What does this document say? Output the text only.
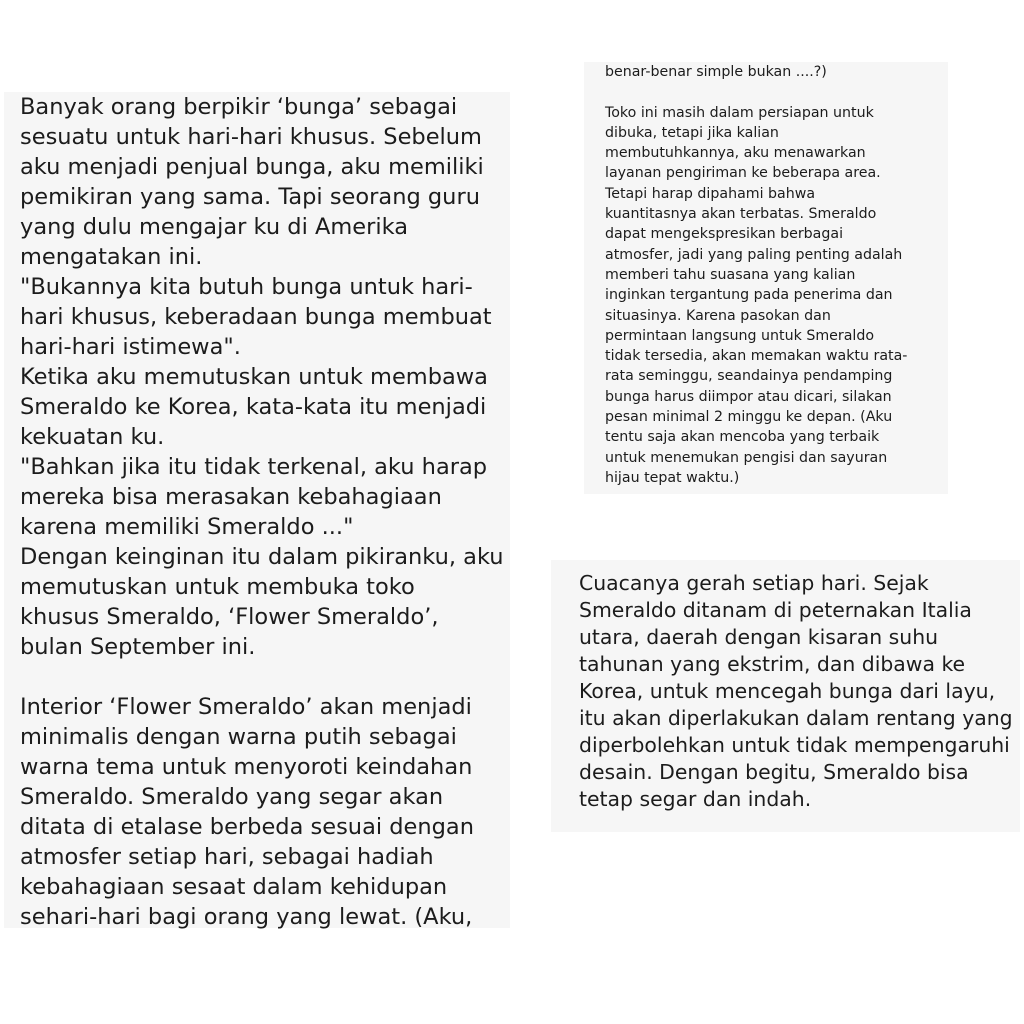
Banyak orang berpikir ‘bunga’ sebagai

sesuatu untuk hari-hari khusus. Sebelum

aku menjadi penjual bunga, aku memiliki

pemikiran yang sama. Tapi seorang guru

yang dulu mengajar ku di Amerika

mengatakan ini.

"Bukannya kita butuh bunga untuk hari-

hari khusus, keberadaan bunga membuat

hari-hari istimewa".

Ketika aku memutuskan untuk membawa

Smeraldo ke Korea, kata-kata itu menjadi

kekuatan ku.

"Bahkan jika itu tidak terkenal, aku harap

mereka bisa merasakan kebahagiaan

karena memiliki Smeraldo ..."

Dengan keinginan itu dalam pikiranku, aku

memutuskan untuk membuka toko

khusus Smeraldo, ‘Flower Smeraldo’,

bulan September ini.

Interior ‘Flower Smeraldo’ akan menjadi

minimalis dengan warna putih sebagai

warna tema untuk menyoroti keindahan

Smeraldo. Smeraldo yang segar akan

ditata di etalase berbeda sesuai dengan

atmosfer setiap hari, sebagai hadiah

kebahagiaan sesaat dalam kehidupan

sehari-hari bagi orang yang lewat. (Aku,

benar-benar simple bukan ....?)

Toko ini masih dalam persiapan untuk

dibuka, tetapi jika kalian

membutuhkannya, aku menawarkan

layanan pengiriman ke beberapa area.

Tetapi harap dipahami bahwa

kuantitasnya akan terbatas. Smeraldo

dapat mengekspresikan berbagai

atmosfer, jadi yang paling penting adalah

memberi tahu suasana yang kalian

inginkan tergantung pada penerima dan

situasinya. Karena pasokan dan

permintaan langsung untuk Smeraldo

tidak tersedia, akan memakan waktu rata-

rata seminggu, seandainya pendamping

bunga harus diimpor atau dicari, silakan

pesan minimal 2 minggu ke depan. (Aku

tentu saja akan mencoba yang terbaik

untuk menemukan pengisi dan sayuran

hijau tepat waktu.)

Cuacanya gerah setiap hari. Sejak

Smeraldo ditanam di peternakan Italia

utara, daerah dengan kisaran suhu

tahunan yang ekstrim, dan dibawa ke

Korea, untuk mencegah bunga dari layu,

itu akan diperlakukan dalam rentang yang

diperbolehkan untuk tidak mempengaruhi

desain. Dengan begitu, Smeraldo bisa

tetap segar dan indah.
